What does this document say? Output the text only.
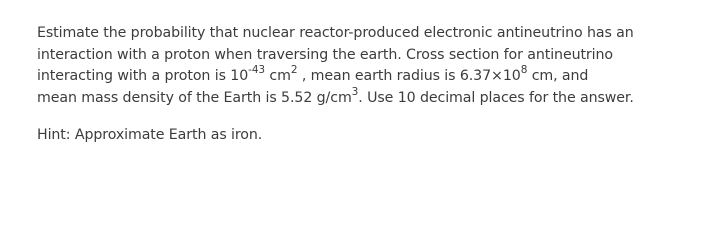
Estimate the probability that nuclear reactor-produced electronic antineutrino has an
interaction with a proton when traversing the earth. Cross section for antineutrino
interacting with a proton is $10^{-43}$ $cm^2$ , mean earth radius is $6.37\times 10^8$ cm, and
mean mass density of the Earth is 5.52 $g/cm^3$. Use 10 decimal places for the answer.

Hint: Approximate Earth as iron.
